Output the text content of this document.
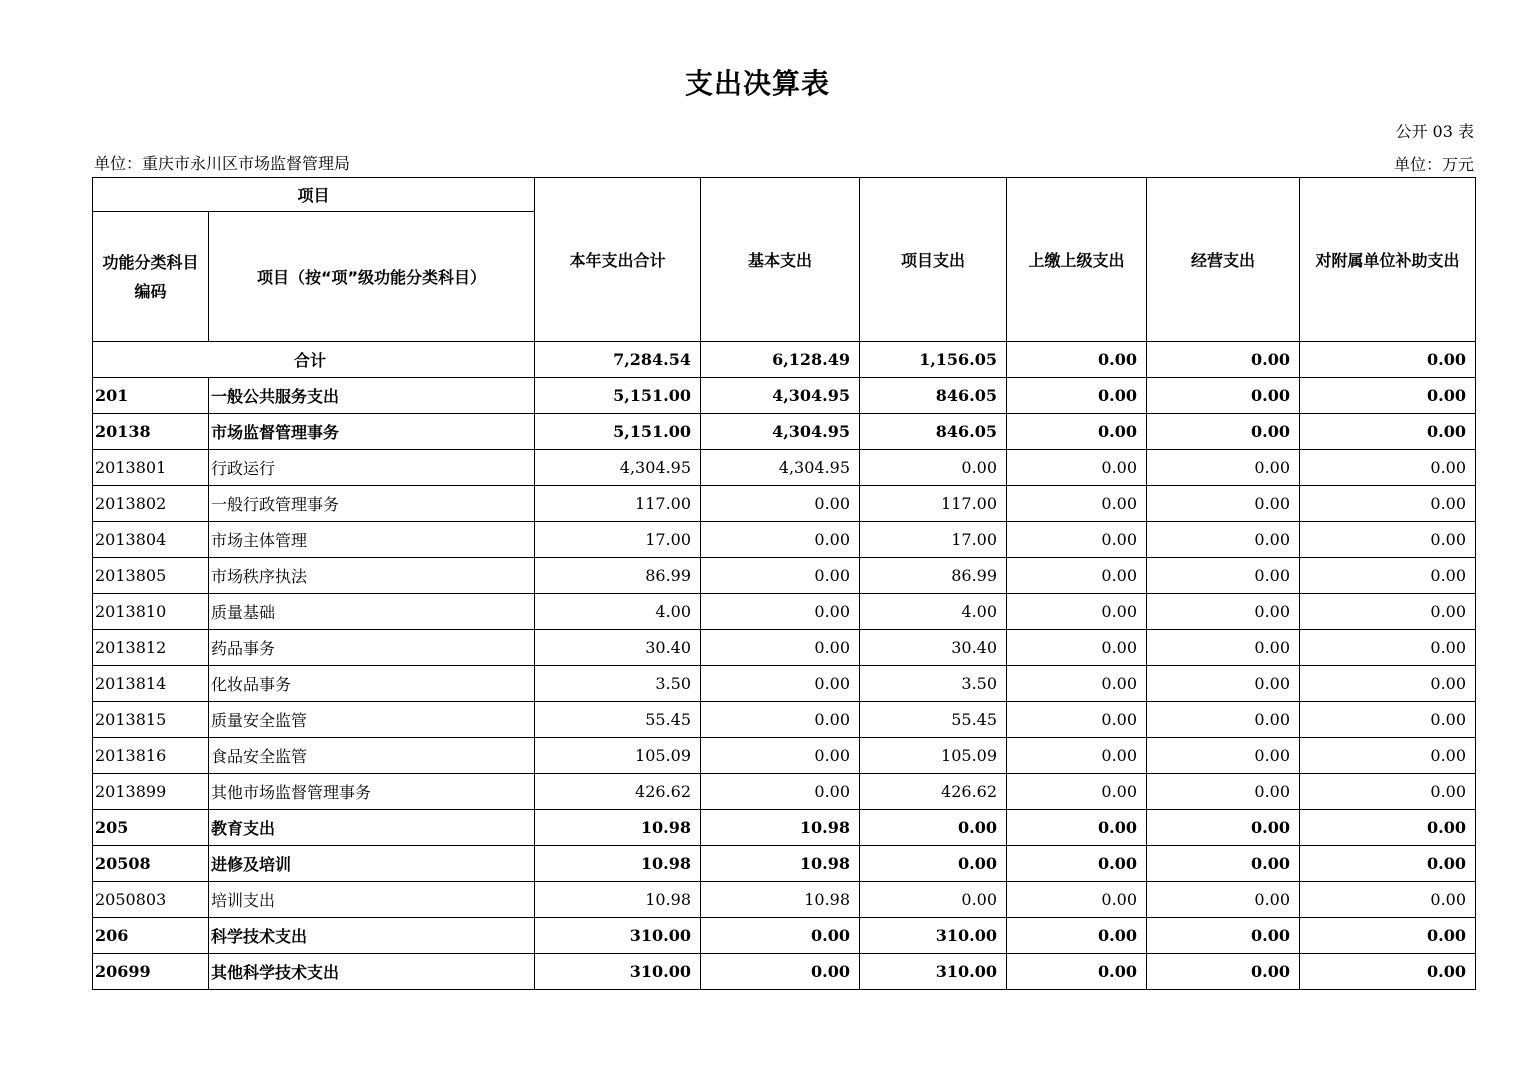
支出决算表
公开 03 表
单位：重庆市永川区市场监督管理局	单位：万元
项目		本年支出合计	基本支出	项目支出	上缴上级支出	经营支出	对附属单位补助支出
功能分类科目编码	项目（按“项”级功能分类科目）						
合计		7,284.54	6,128.49	1,156.05	0.00	0.00	0.00
201	一般公共服务支出	5,151.00	4,304.95	846.05	0.00	0.00	0.00
20138	市场监督管理事务	5,151.00	4,304.95	846.05	0.00	0.00	0.00
2013801	行政运行	4,304.95	4,304.95	0.00	0.00	0.00	0.00
2013802	一般行政管理事务	117.00	0.00	117.00	0.00	0.00	0.00
2013804	市场主体管理	17.00	0.00	17.00	0.00	0.00	0.00
2013805	市场秩序执法	86.99	0.00	86.99	0.00	0.00	0.00
2013810	质量基础	4.00	0.00	4.00	0.00	0.00	0.00
2013812	药品事务	30.40	0.00	30.40	0.00	0.00	0.00
2013814	化妆品事务	3.50	0.00	3.50	0.00	0.00	0.00
2013815	质量安全监管	55.45	0.00	55.45	0.00	0.00	0.00
2013816	食品安全监管	105.09	0.00	105.09	0.00	0.00	0.00
2013899	其他市场监督管理事务	426.62	0.00	426.62	0.00	0.00	0.00
205	教育支出	10.98	10.98	0.00	0.00	0.00	0.00
20508	进修及培训	10.98	10.98	0.00	0.00	0.00	0.00
2050803	培训支出	10.98	10.98	0.00	0.00	0.00	0.00
206	科学技术支出	310.00	0.00	310.00	0.00	0.00	0.00
20699	其他科学技术支出	310.00	0.00	310.00	0.00	0.00	0.00
